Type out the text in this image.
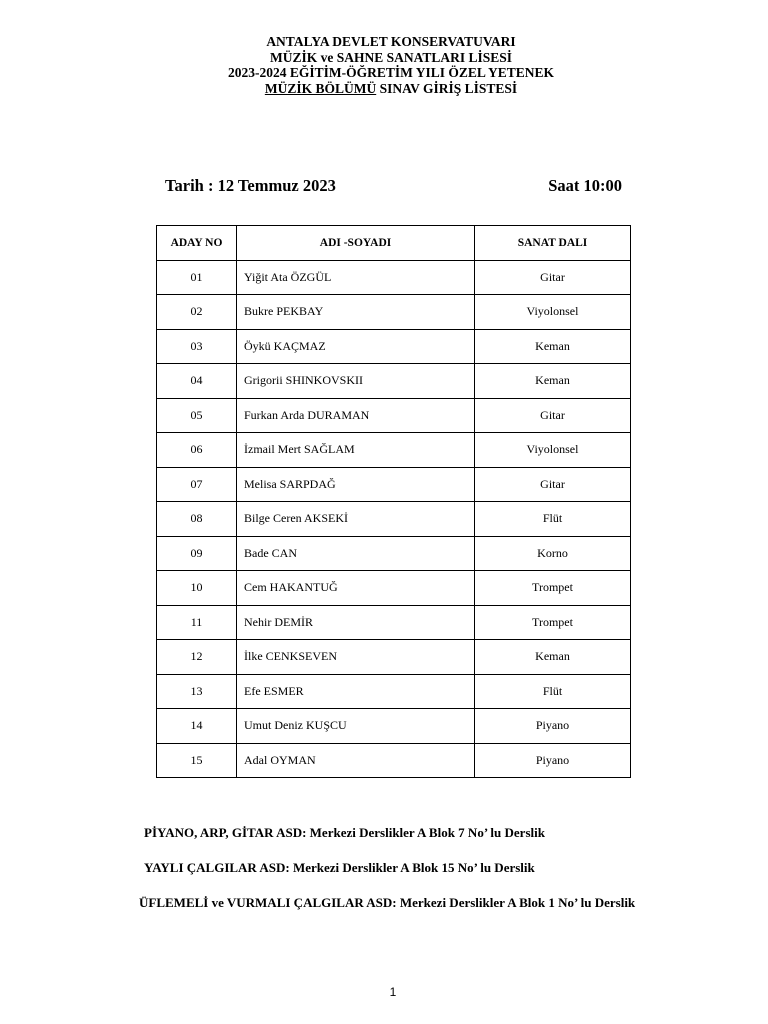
ANTALYA DEVLET KONSERVATUVARI
MÜZİK ve SAHNE SANATLARI LİSESİ
2023-2024 EĞİTİM-ÖĞRETİM YILI ÖZEL YETENEK
MÜZİK BÖLÜMÜ SINAV GİRİŞ LİSTESİ
Tarih : 12 Temmuz 2023	Saat 10:00
ADAY NO	ADI -SOYADI	SANAT DALI
01	Yiğit Ata ÖZGÜL	Gitar
02	Bukre PEKBAY	Viyolonsel
03	Öykü KAÇMAZ	Keman
04	Grigorii SHINKOVSKII	Keman
05	Furkan Arda DURAMAN	Gitar
06	İzmail Mert SAĞLAM	Viyolonsel
07	Melisa SARPDAĞ	Gitar
08	Bilge Ceren AKSEKİ	Flüt
09	Bade CAN	Korno
10	Cem HAKANTUĞ	Trompet
11	Nehir DEMİR	Trompet
12	İlke CENKSEVEN	Keman
13	Efe ESMER	Flüt
14	Umut Deniz KUŞCU	Piyano
15	Adal OYMAN	Piyano
PİYANO, ARP, GİTAR ASD: Merkezi Derslikler A Blok 7 No’ lu Derslik
YAYLI ÇALGILAR ASD: Merkezi Derslikler A Blok 15 No’ lu Derslik
ÜFLEMELİ ve VURMALI ÇALGILAR ASD: Merkezi Derslikler A Blok 1 No’ lu Derslik
1
